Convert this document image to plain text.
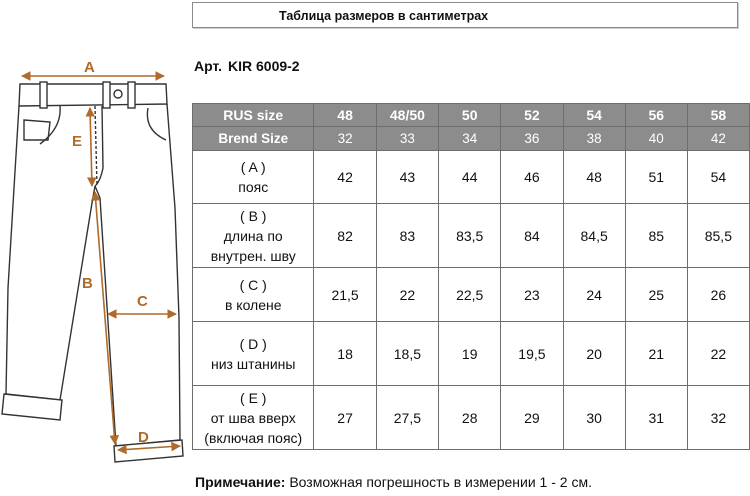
Таблица размеров в сантиметрах
Арт. KIR 6009-2
A
E
B
C
D
RUS size	48	48/50	50	52	54	56	58
Brend Size	32	33	34	36	38	40	42

( A )
пояс	42	43	44	46	48	51	54

( B )
длина по
внутрен. шву	82	83	83,5	84	84,5	85	85,5

( C )
в колене	21,5	22	22,5	23	24	25	26

( D )
низ штанины	18	18,5	19	19,5	20	21	22

( E )
от шва вверх
(включая пояс)	27	27,5	28	29	30	31	32
Примечание: Возможная погрешность в измерении 1 - 2 см.
